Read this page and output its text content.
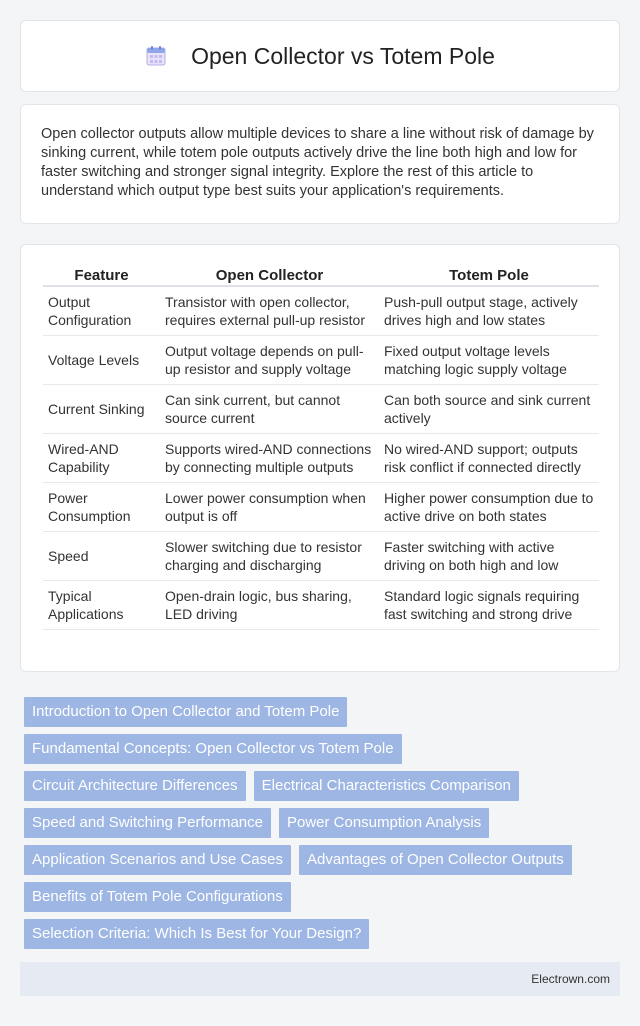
Open Collector vs Totem Pole

Open collector outputs allow multiple devices to share a line without risk of damage by sinking current, while totem pole outputs actively drive the line both high and low for faster switching and stronger signal integrity. Explore the rest of this article to understand which output type best suits your application's requirements.

Feature	Open Collector	Totem Pole
Output Configuration	Transistor with open collector, requires external pull-up resistor	Push-pull output stage, actively drives high and low states
Voltage Levels	Output voltage depends on pull-up resistor and supply voltage	Fixed output voltage levels matching logic supply voltage
Current Sinking	Can sink current, but cannot source current	Can both source and sink current actively
Wired-AND Capability	Supports wired-AND connections by connecting multiple outputs	No wired-AND support; outputs risk conflict if connected directly
Power Consumption	Lower power consumption when output is off	Higher power consumption due to active drive on both states
Speed	Slower switching due to resistor charging and discharging	Faster switching with active driving on both high and low
Typical Applications	Open-drain logic, bus sharing, LED driving	Standard logic signals requiring fast switching and strong drive
Introduction to Open Collector and Totem Pole
Fundamental Concepts: Open Collector vs Totem Pole
Circuit Architecture Differences	Electrical Characteristics Comparison
Speed and Switching Performance	Power Consumption Analysis
Application Scenarios and Use Cases	Advantages of Open Collector Outputs
Benefits of Totem Pole Configurations
Selection Criteria: Which Is Best for Your Design?
Electrown.com
